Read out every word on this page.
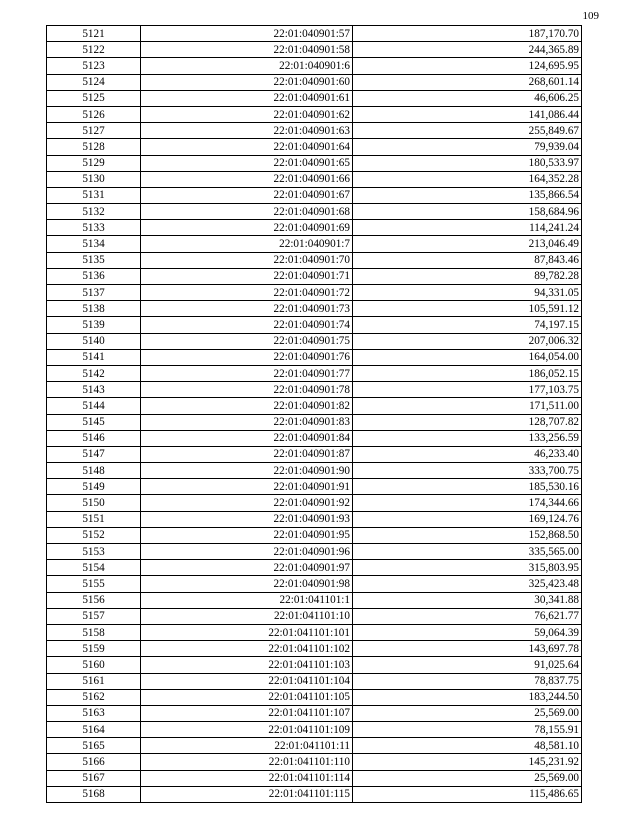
109
5121	22:01:040901:57	187,170.70
5122	22:01:040901:58	244,365.89
5123	22:01:040901:6	124,695.95
5124	22:01:040901:60	268,601.14
5125	22:01:040901:61	46,606.25
5126	22:01:040901:62	141,086.44
5127	22:01:040901:63	255,849.67
5128	22:01:040901:64	79,939.04
5129	22:01:040901:65	180,533.97
5130	22:01:040901:66	164,352.28
5131	22:01:040901:67	135,866.54
5132	22:01:040901:68	158,684.96
5133	22:01:040901:69	114,241.24
5134	22:01:040901:7	213,046.49
5135	22:01:040901:70	87,843.46
5136	22:01:040901:71	89,782.28
5137	22:01:040901:72	94,331.05
5138	22:01:040901:73	105,591.12
5139	22:01:040901:74	74,197.15
5140	22:01:040901:75	207,006.32
5141	22:01:040901:76	164,054.00
5142	22:01:040901:77	186,052.15
5143	22:01:040901:78	177,103.75
5144	22:01:040901:82	171,511.00
5145	22:01:040901:83	128,707.82
5146	22:01:040901:84	133,256.59
5147	22:01:040901:87	46,233.40
5148	22:01:040901:90	333,700.75
5149	22:01:040901:91	185,530.16
5150	22:01:040901:92	174,344.66
5151	22:01:040901:93	169,124.76
5152	22:01:040901:95	152,868.50
5153	22:01:040901:96	335,565.00
5154	22:01:040901:97	315,803.95
5155	22:01:040901:98	325,423.48
5156	22:01:041101:1	30,341.88
5157	22:01:041101:10	76,621.77
5158	22:01:041101:101	59,064.39
5159	22:01:041101:102	143,697.78
5160	22:01:041101:103	91,025.64
5161	22:01:041101:104	78,837.75
5162	22:01:041101:105	183,244.50
5163	22:01:041101:107	25,569.00
5164	22:01:041101:109	78,155.91
5165	22:01:041101:11	48,581.10
5166	22:01:041101:110	145,231.92
5167	22:01:041101:114	25,569.00
5168	22:01:041101:115	115,486.65
